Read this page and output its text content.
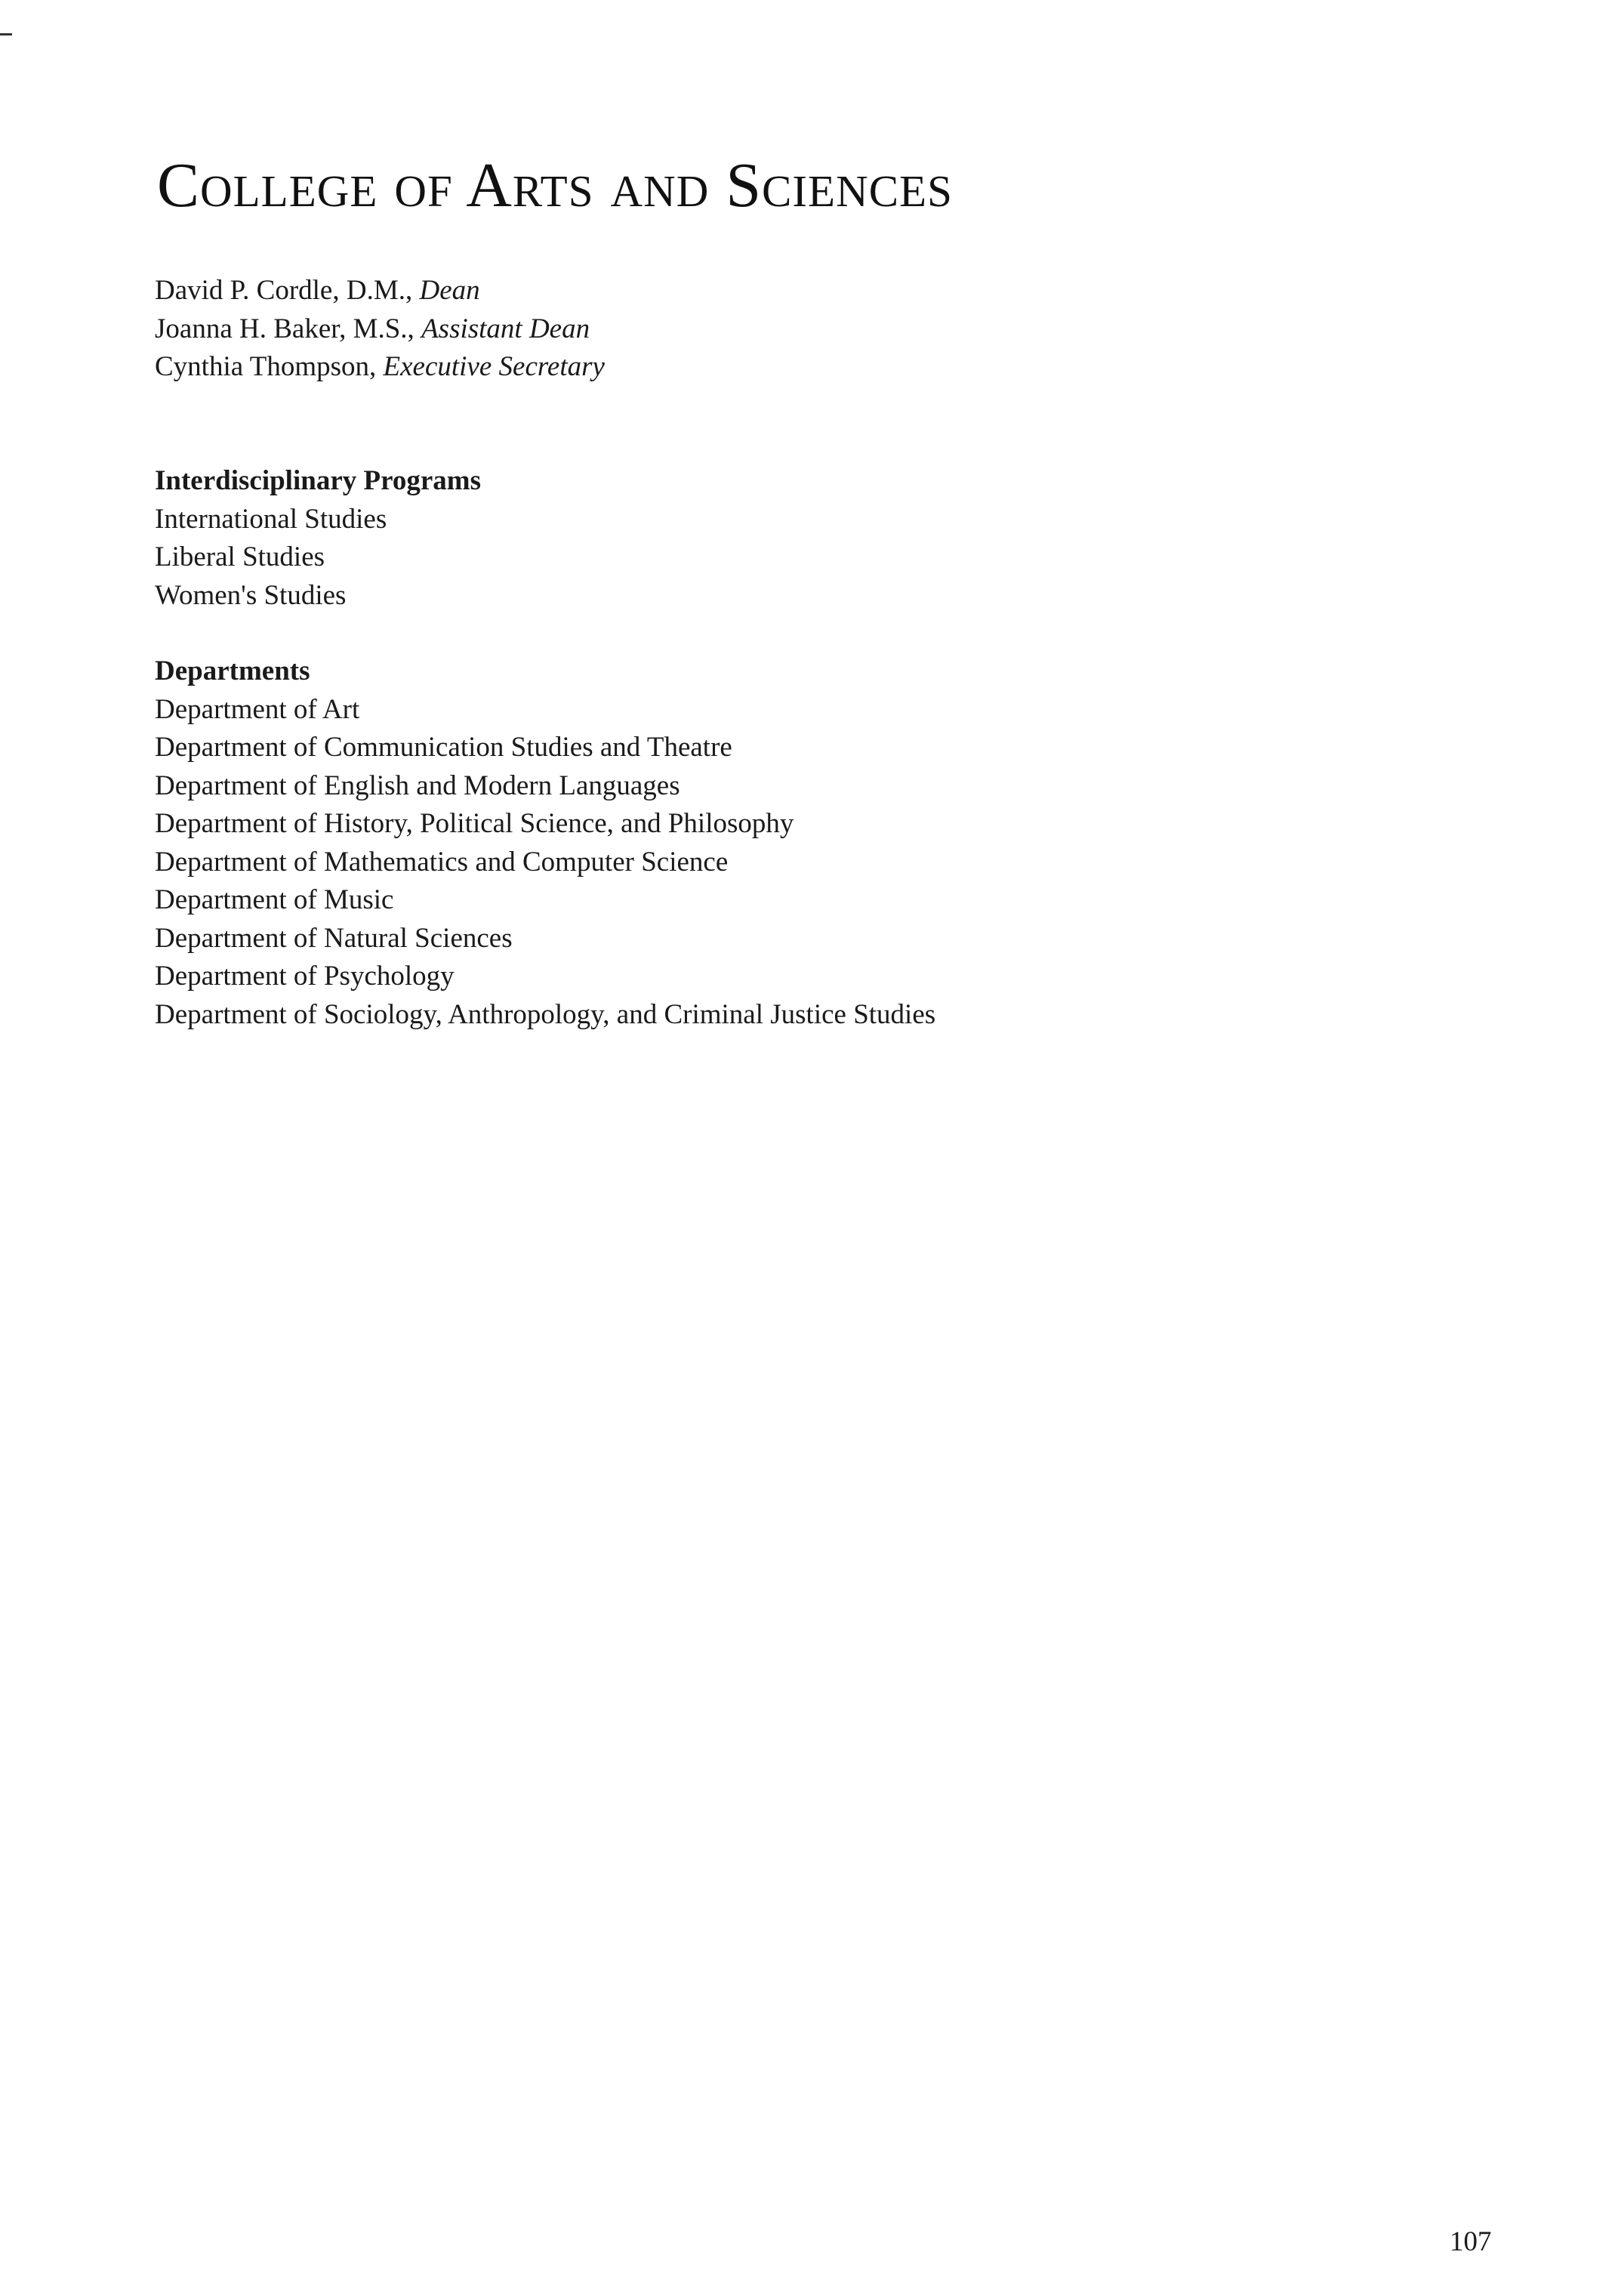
College of Arts and Sciences
David P. Cordle, D.M., Dean
Joanna H. Baker, M.S., Assistant Dean
Cynthia Thompson, Executive Secretary
Interdisciplinary Programs
International Studies
Liberal Studies
Women's Studies
Departments
Department of Art
Department of Communication Studies and Theatre
Department of English and Modern Languages
Department of History, Political Science, and Philosophy
Department of Mathematics and Computer Science
Department of Music
Department of Natural Sciences
Department of Psychology
Department of Sociology, Anthropology, and Criminal Justice Studies
107
